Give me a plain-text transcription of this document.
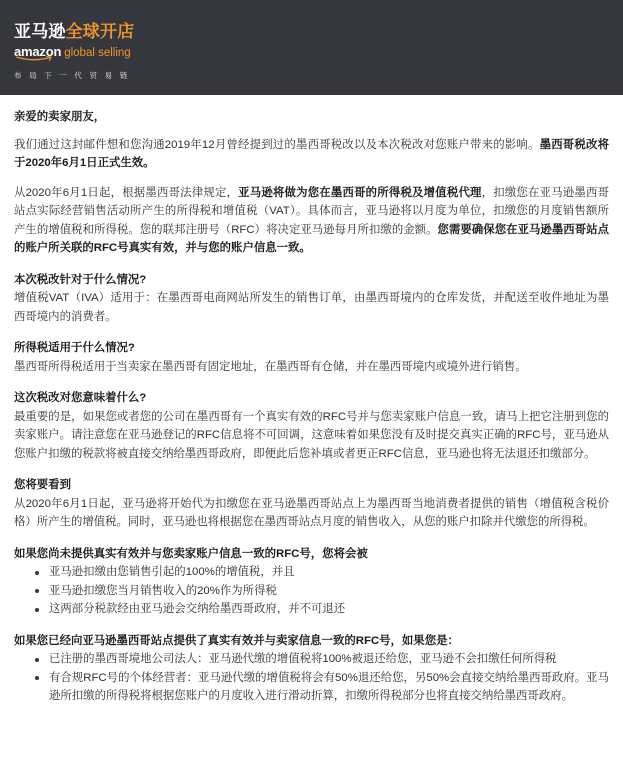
亚马逊全球开店
amazon global selling
布局下一代贸易链

亲爱的卖家朋友，

我们通过这封邮件想和您沟通2019年12月曾经提到过的墨西哥税改以及本次税改对您账户带来的影响。墨西哥税改将于2020年6月1日正式生效。

从2020年6月1日起，根据墨西哥法律规定，亚马逊将做为您在墨西哥的所得税及增值税代理，扣缴您在亚马逊墨西哥站点实际经营销售活动所产生的所得税和增值税（VAT）。具体而言，亚马逊将以月度为单位，扣缴您的月度销售额所产生的增值税和所得税。您的联邦注册号（RFC）将决定亚马逊每月所扣缴的金额。您需要确保您在亚马逊墨西哥站点的账户所关联的RFC号真实有效，并与您的账户信息一致。

本次税改针对于什么情况?

增值税VAT（IVA）适用于：在墨西哥电商网站所发生的销售订单，由墨西哥境内的仓库发货，并配送至收件地址为墨西哥境内的消费者。

所得税适用于什么情况?

墨西哥所得税适用于当卖家在墨西哥有固定地址，在墨西哥有仓储，并在墨西哥境内或境外进行销售。

这次税改对您意味着什么?

最重要的是，如果您或者您的公司在墨西哥有一个真实有效的RFC号并与您卖家账户信息一致，请马上把它注册到您的卖家账户。请注意您在亚马逊登记的RFC信息将不可回调，这意味着如果您没有及时提交真实正确的RFC号，亚马逊从您账户扣缴的税款将被直接交纳给墨西哥政府，即便此后您补填或者更正RFC信息，亚马逊也将无法退还扣缴部分。

您将要看到

从2020年6月1日起，亚马逊将开始代为扣缴您在亚马逊墨西哥站点上为墨西哥当地消费者提供的销售（增值税含税价格）所产生的增值税。同时，亚马逊也将根据您在墨西哥站点月度的销售收入，从您的账户扣除并代缴您的所得税。

如果您尚未提供真实有效并与您卖家账户信息一致的RFC号，您将会被

亚马逊扣缴由您销售引起的100%的增值税，并且
亚马逊扣缴您当月销售收入的20%作为所得税
这两部分税款经由亚马逊会交纳给墨西哥政府，并不可退还

如果您已经向亚马逊墨西哥站点提供了真实有效并与卖家信息一致的RFC号，如果您是：

已注册的墨西哥境地公司法人：亚马逊代缴的增值税将100%被退还给您，亚马逊不会扣缴任何所得税
有合规RFC号的个体经营者：亚马逊代缴的增值税将会有50%退还给您，另50%会直接交纳给墨西哥政府。亚马逊所扣缴的所得税将根据您账户的月度收入进行滑动折算，扣缴所得税部分也将直接交纳给墨西哥政府。
